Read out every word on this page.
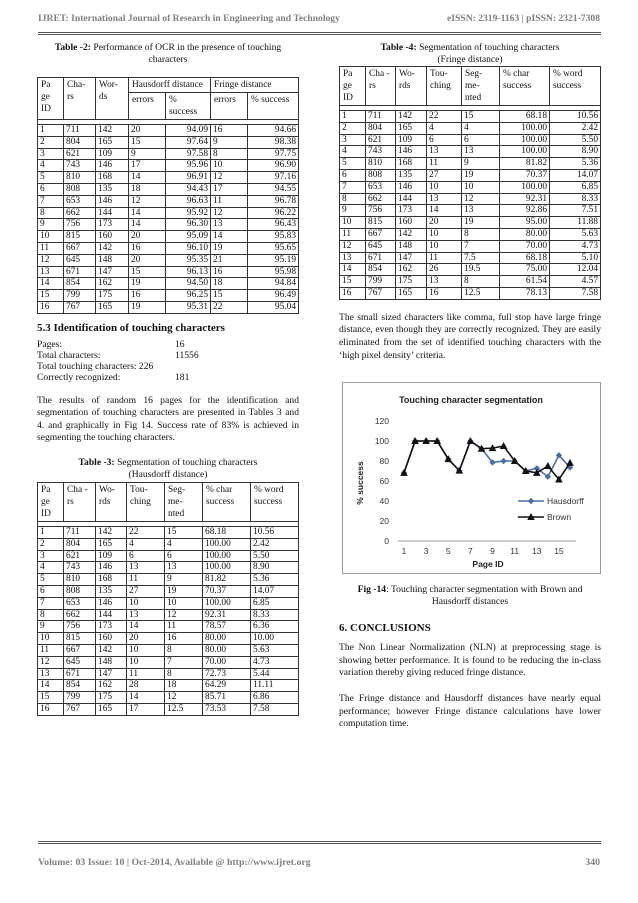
IJRET: International Journal of Research in Engineering and Technology	eISSN: 2319-1163 | pISSN: 2321-7308

Table -2: Performance of OCR in the presence of touching characters

Pa ge ID	Cha- rs	Wor- ds	Hausdorff distance		Fringe distance	
			errors	% success	errors	% success

1	711	142	20	94.09	16	94.66
2	804	165	15	97.64	9	98.38
3	621	109	9	97.58	8	97.75
4	743	146	17	95.96	10	96.90
5	810	168	14	96.91	12	97.16
6	808	135	18	94.43	17	94.55
7	653	146	12	96.63	11	96.78
8	662	144	14	95.92	12	96.22
9	756	173	14	96.30	13	96.43
10	815	160	20	95.09	14	95.83
11	667	142	16	96.10	19	95.65
12	645	148	20	95.35	21	95.19
13	671	147	15	96.13	16	95.98
14	854	162	19	94.50	18	94.84
15	799	175	16	96.25	15	96.49
16	767	165	19	95.31	22	95.04

5.3 Identification of touching characters

Pages:	16
Total characters:	11556
Total touching characters: 226
Correctly recognized:	181

The results of random 16 pages for the identification and segmentation of touching characters are presented in Tables 3 and 4. and graphically in Fig 14. Success rate of 83% is achieved in segmenting the touching characters.

Table -3: Segmentation of touching characters
(Hausdorff distance)

Pa ge ID	Cha -rs	Wo- rds	Tou- ching	Seg- me- nted	% char success	% word success

1	711	142	22	15	68.18	10.56
2	804	165	4	4	100.00	2.42
3	621	109	6	6	100.00	5.50
4	743	146	13	13	100.00	8.90
5	810	168	11	9	81.82	5.36
6	808	135	27	19	70.37	14.07
7	653	146	10	10	100.00	6.85
8	662	144	13	12	92.31	8.33
9	756	173	14	11	78.57	6.36
10	815	160	20	16	80.00	10.00
11	667	142	10	8	80.00	5.63
12	645	148	10	7	70.00	4.73
13	671	147	11	8	72.73	5.44
14	854	162	28	18	64.29	11.11
15	799	175	14	12	85.71	6.86
16	767	165	17	12.5	73.53	7.58

Table -4: Segmentation of touching characters
(Fringe distance)

Pa ge ID	Cha -rs	Wo- rds	Tou- ching	Seg- me- nted	% char success	% word success

1	711	142	22	15	68.18	10.56
2	804	165	4	4	100.00	2.42
3	621	109	6	6	100.00	5.50
4	743	146	13	13	100.00	8.90
5	810	168	11	9	81.82	5.36
6	808	135	27	19	70.37	14.07
7	653	146	10	10	100.00	6.85
8	662	144	13	12	92.31	8.33
9	756	173	14	13	92.86	7.51
10	815	160	20	19	95.00	11.88
11	667	142	10	8	80.00	5.63
12	645	148	10	7	70.00	4.73
13	671	147	11	7.5	68.18	5.10
14	854	162	26	19.5	75.00	12.04
15	799	175	13	8	61.54	4.57
16	767	165	16	12.5	78.13	7.58

The small sized characters like comma, full stop have large fringe distance, even though they are correctly recognized. They are easily eliminated from the set of identified touching characters with the ‘high pixel density’ criteria.

Touching character segmentation
0
20
40
60
80
100
120
1 3 5 7 9 11 13 15
Page ID
% success	Hausdorff
Brown

Fig -14: Touching character segmentation with Brown and Hausdorff distances

6. CONCLUSIONS

The Non Linear Normalization (NLN) at preprocessing stage is showing better performance. It is found to be reducing the in-class variation thereby giving reduced fringe distance.

The Fringe distance and Hausdorff distances have nearly equal performance; however Fringe distance calculations have lower computation time.

Volume: 03 Issue: 10 | Oct-2014, Available @ http://www.ijret.org	340
